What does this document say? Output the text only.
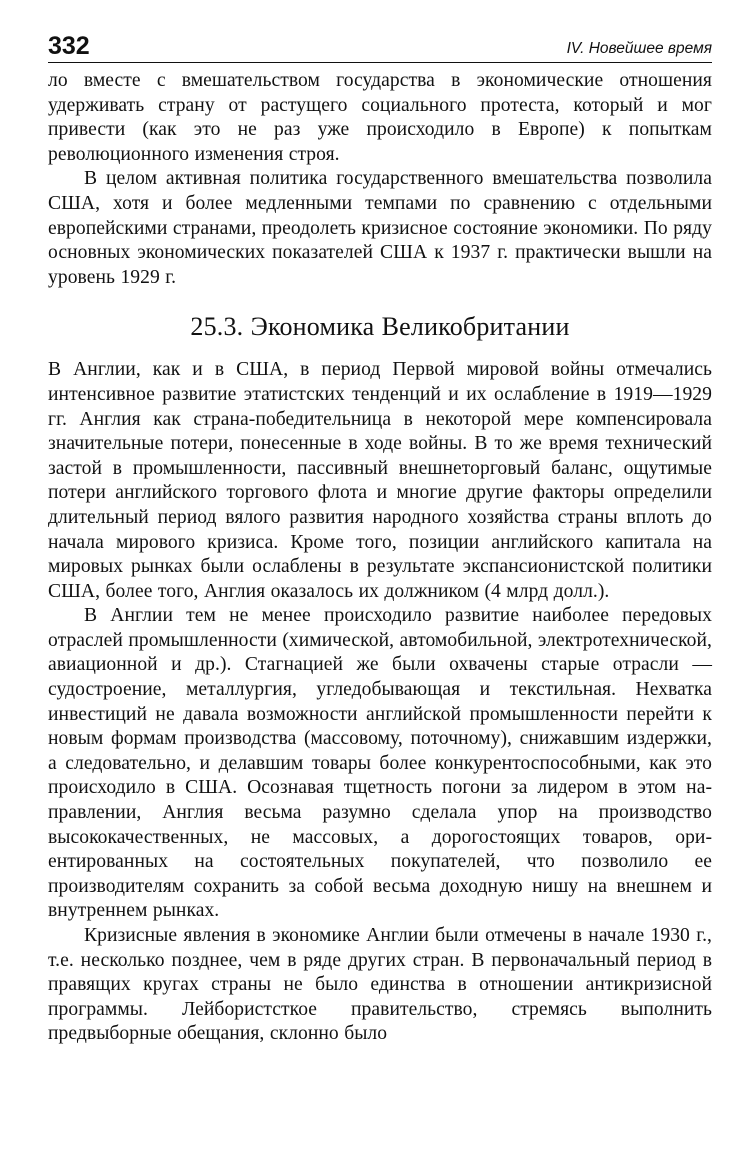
332	IV. Новейшее время

ло вместе с вмешательством государства в экономические отношения удерживать страну от растущего социального протеста, который и мог привести (как это не раз уже происходило в Европе) к попыткам революционного изменения строя.

В целом активная политика государственного вмешательства позволила США, хотя и более медленными темпами по сравнению с отдельными европейскими странами, преодолеть кризисное состояние экономики. По ряду основных экономических показателей США к 1937 г. практически вышли на уровень 1929 г.

25.3. Экономика Великобритании

В Англии, как и в США, в период Первой мировой войны отмечались интенсивное развитие этатистских тенденций и их ослабление в 1919—1929 гг. Англия как страна-победительница в некоторой мере компенсировала значительные потери, понесенные в ходе войны. В то же время технический застой в промышленности, пассивный внешнеторговый баланс, ощутимые потери английского торгового флота и многие другие факторы определили длительный период вялого развития народного хозяйства страны вплоть до начала мирового кризиса. Кроме того, позиции английского капитала на мировых рынках были ослаблены в результате экспансионистской политики США, более того, Англия оказалось их должником (4 млрд долл.).

В Англии тем не менее происходило развитие наиболее передовых отраслей промышленности (химической, автомобильной, электротехнической, авиационной и др.). Стагнацией же были охвачены старые отрасли — судостроение, металлургия, угледобывающая и текстильная. Нехватка инвестиций не давала возможности английской промышленности перейти к новым формам производства (массовому, поточному), снижавшим издержки, а следовательно, и делавшим товары более конкурентоспособными, как это происходило в США. Осознавая тщетность погони за лидером в этом направлении, Англия весьма разумно сделала упор на производство высококачественных, не массовых, а дорогостоящих товаров, ориентированных на состоятельных покупателей, что позволило ее производителям сохранить за собой весьма доходную нишу на внешнем и внутреннем рынках.

Кризисные явления в экономике Англии были отмечены в начале 1930 г., т.е. несколько позднее, чем в ряде других стран. В первоначальный период в правящих кругах страны не было единства в отношении антикризисной программы. Лейбористсткое правительство, стремясь выполнить предвыборные обещания, склонно было
